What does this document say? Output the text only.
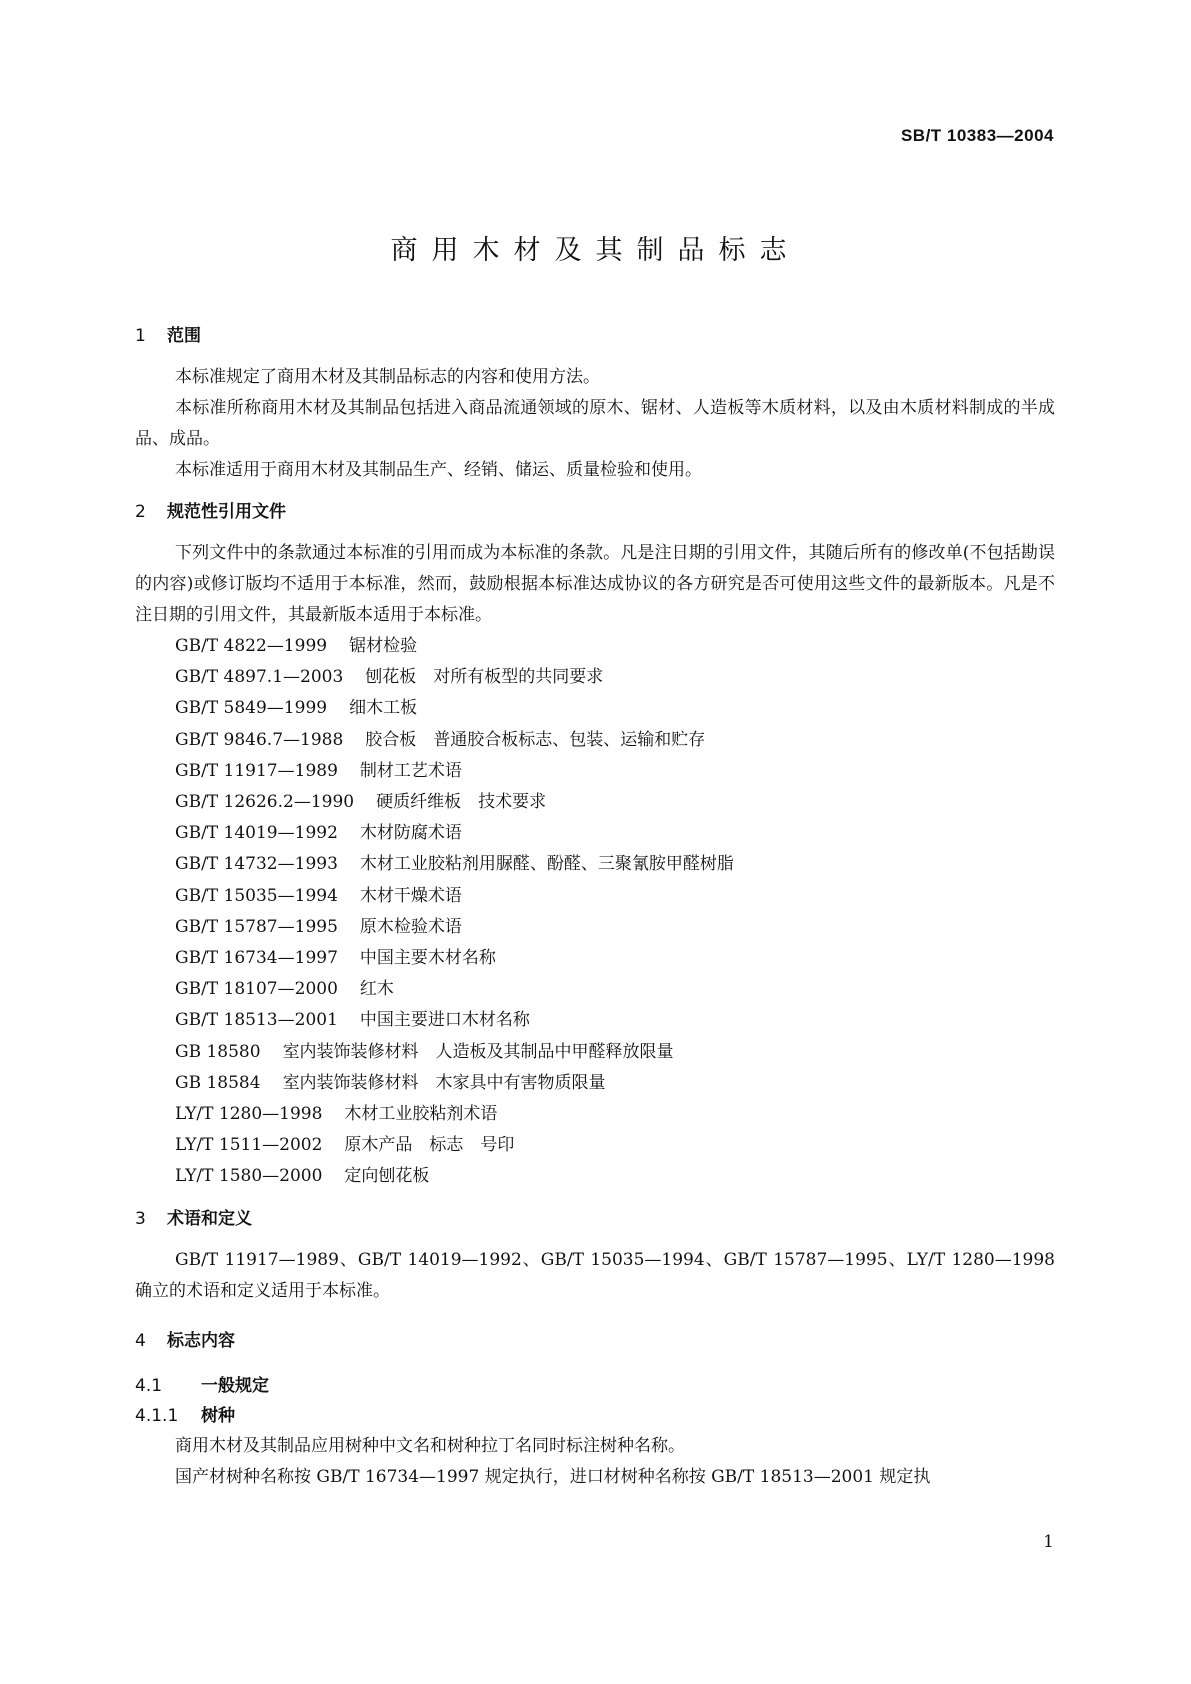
SB/T 10383—2004
商用木材及其制品标志
1 范围

本标准规定了商用木材及其制品标志的内容和使用方法。

本标准所称商用木材及其制品包括进入商品流通领域的原木、锯材、人造板等木质材料，以及由木质材料制成的半成品、成品。

本标准适用于商用木材及其制品生产、经销、储运、质量检验和使用。

2 规范性引用文件

下列文件中的条款通过本标准的引用而成为本标准的条款。凡是注日期的引用文件，其随后所有的修改单(不包括勘误的内容)或修订版均不适用于本标准，然而，鼓励根据本标准达成协议的各方研究是否可使用这些文件的最新版本。凡是不注日期的引用文件，其最新版本适用于本标准。

GB/T 4822—1999 锯材检验
GB/T 4897.1—2003 刨花板　对所有板型的共同要求
GB/T 5849—1999 细木工板
GB/T 9846.7—1988 胶合板　普通胶合板标志、包装、运输和贮存
GB/T 11917—1989 制材工艺术语
GB/T 12626.2—1990 硬质纤维板　技术要求
GB/T 14019—1992 木材防腐术语
GB/T 14732—1993 木材工业胶粘剂用脲醛、酚醛、三聚氰胺甲醛树脂
GB/T 15035—1994 木材干燥术语
GB/T 15787—1995 原木检验术语
GB/T 16734—1997 中国主要木材名称
GB/T 18107—2000 红木
GB/T 18513—2001 中国主要进口木材名称
GB 18580 室内装饰装修材料　人造板及其制品中甲醛释放限量
GB 18584 室内装饰装修材料　木家具中有害物质限量
LY/T 1280—1998 木材工业胶粘剂术语
LY/T 1511—2002 原木产品　标志　号印
LY/T 1580—2000 定向刨花板
3 术语和定义

GB/T 11917—1989、GB/T 14019—1992、GB/T 15035—1994、GB/T 15787—1995、LY/T 1280—1998 确立的术语和定义适用于本标准。

4 标志内容
4.1 一般规定
4.1.1 树种

商用木材及其制品应用树种中文名和树种拉丁名同时标注树种名称。

国产材树种名称按 GB/T 16734—1997 规定执行，进口材树种名称按 GB/T 18513—2001 规定执

1
